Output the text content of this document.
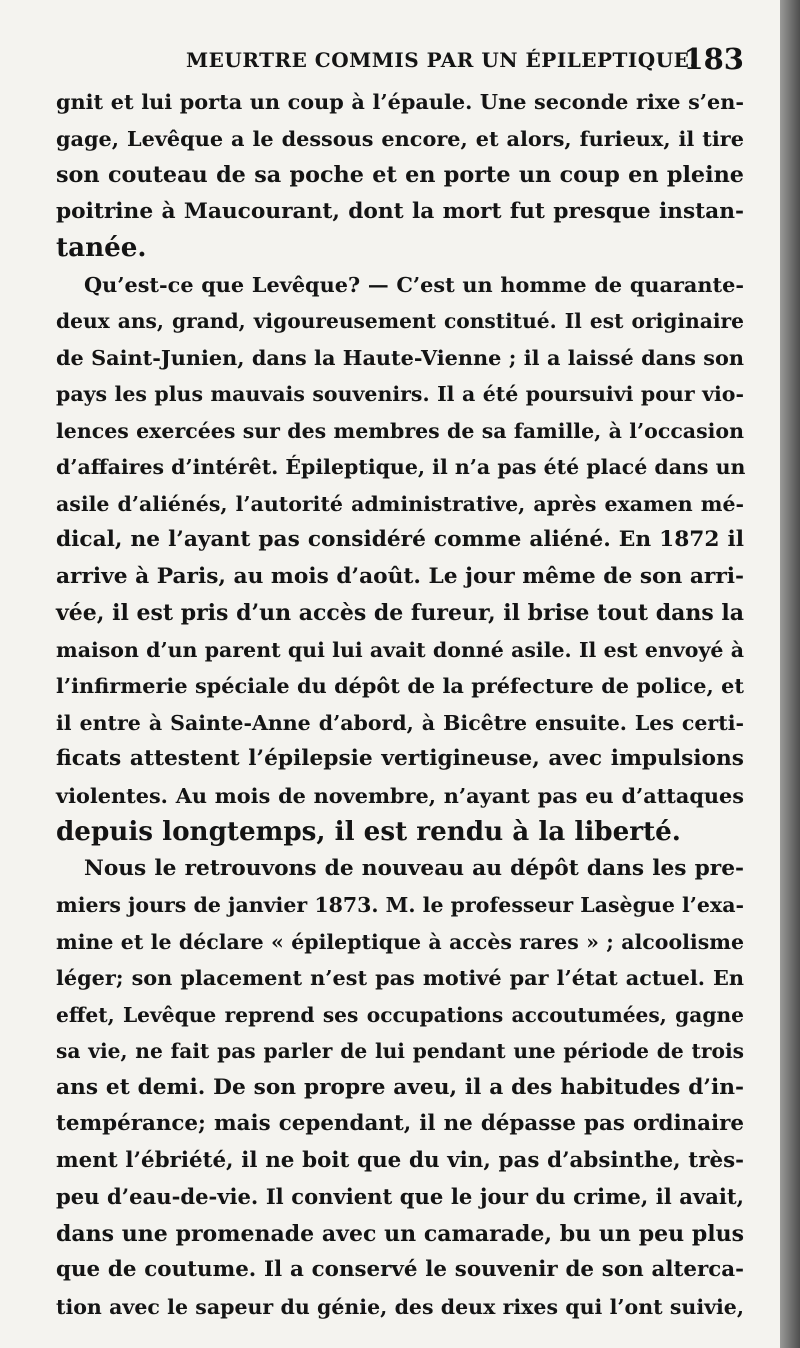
MEURTRE COMMIS PAR UN ÉPILEPTIQUE.
183
gnit et lui porta un coup à l’épaule. Une seconde rixe s’en-
gage, Levêque a le dessous encore, et alors, furieux, il tire
son couteau de sa poche et en porte un coup en pleine
poitrine à Maucourant, dont la mort fut presque instan-
tanée.
Qu’est-ce que Levêque? — C’est un homme de quarante-
deux ans, grand, vigoureusement constitué. Il est originaire
de Saint-Junien, dans la Haute-Vienne ; il a laissé dans son
pays les plus mauvais souvenirs. Il a été poursuivi pour vio-
lences exercées sur des membres de sa famille, à l’occasion
d’affaires d’intérêt. Épileptique, il n’a pas été placé dans un
asile d’aliénés, l’autorité administrative, après examen mé-
dical, ne l’ayant pas considéré comme aliéné. En 1872 il
arrive à Paris, au mois d’août. Le jour même de son arri-
vée, il est pris d’un accès de fureur, il brise tout dans la
maison d’un parent qui lui avait donné asile. Il est envoyé à
l’infirmerie spéciale du dépôt de la préfecture de police, et
il entre à Sainte-Anne d’abord, à Bicêtre ensuite. Les certi-
ficats attestent l’épilepsie vertigineuse, avec impulsions
violentes. Au mois de novembre, n’ayant pas eu d’attaques
depuis longtemps, il est rendu à la liberté.
Nous le retrouvons de nouveau au dépôt dans les pre-
miers jours de janvier 1873. M. le professeur Lasègue l’exa-
mine et le déclare « épileptique à accès rares » ; alcoolisme
léger; son placement n’est pas motivé par l’état actuel. En
effet, Levêque reprend ses occupations accoutumées, gagne
sa vie, ne fait pas parler de lui pendant une période de trois
ans et demi. De son propre aveu, il a des habitudes d’in-
tempérance; mais cependant, il ne dépasse pas ordinaire
ment l’ébriété, il ne boit que du vin, pas d’absinthe, très-
peu d’eau-de-vie. Il convient que le jour du crime, il avait,
dans une promenade avec un camarade, bu un peu plus
que de coutume. Il a conservé le souvenir de son alterca-
tion avec le sapeur du génie, des deux rixes qui l’ont suivie,
